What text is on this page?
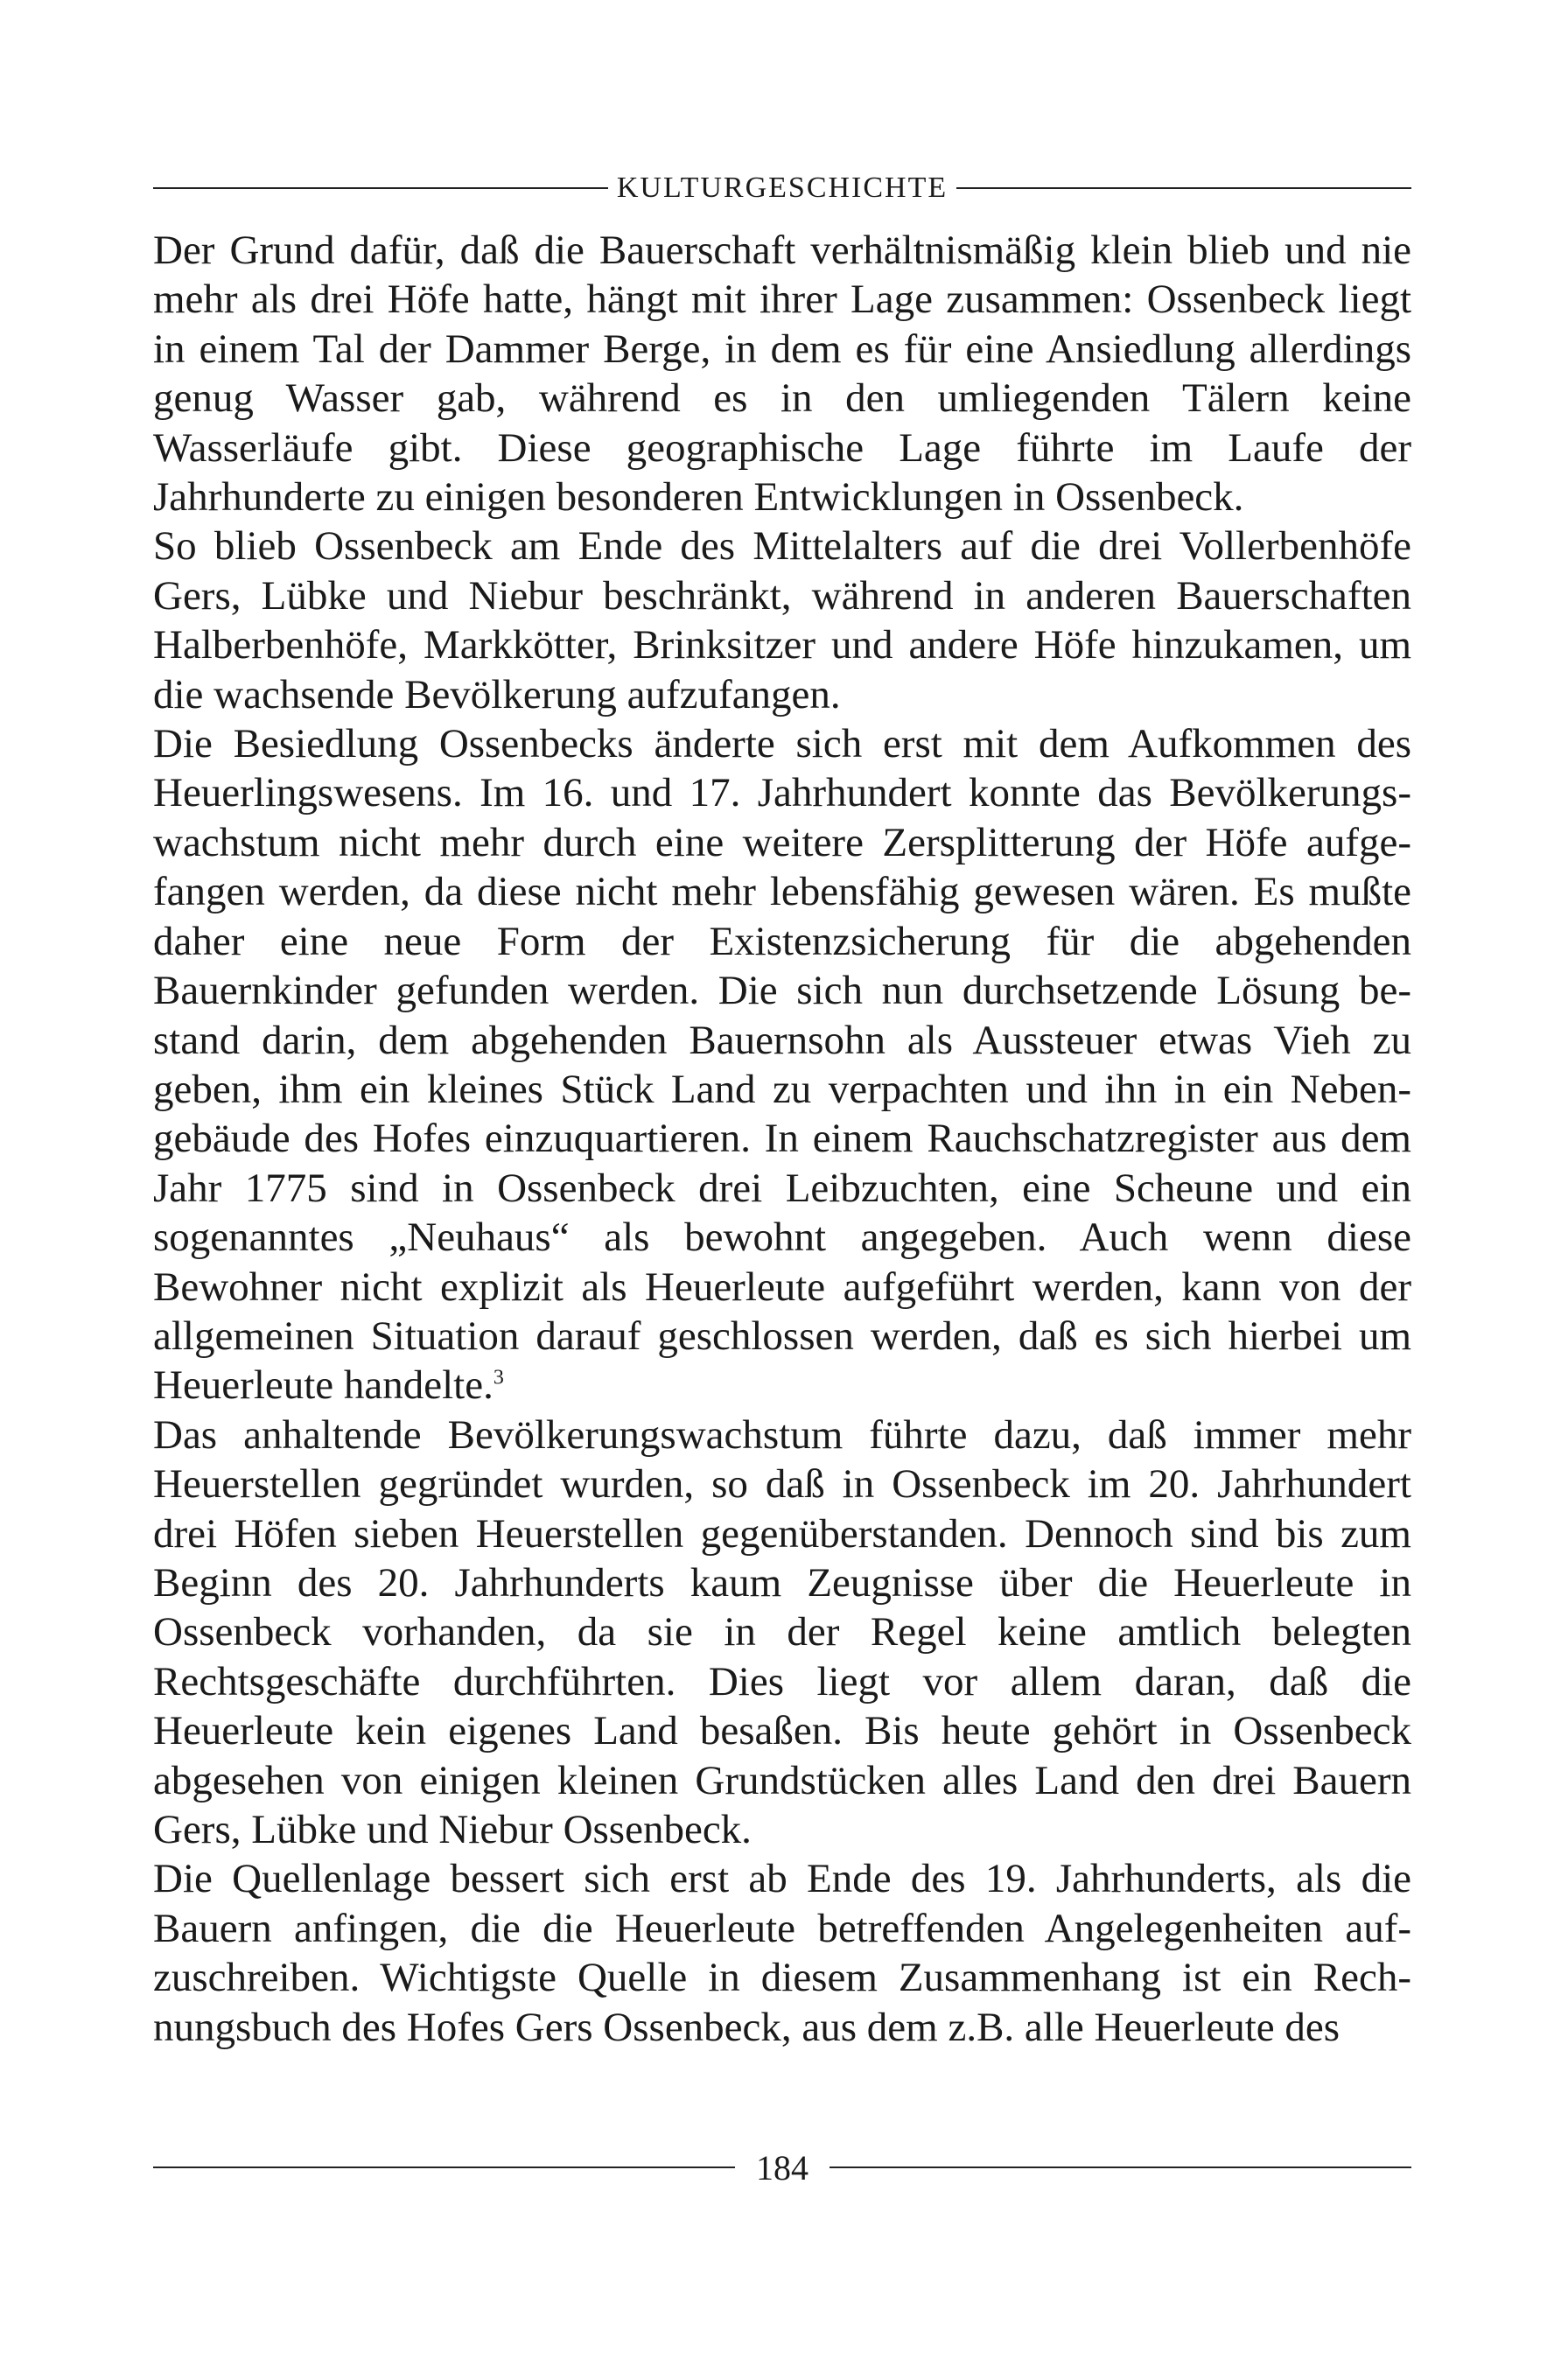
KULTURGESCHICHTE

Der Grund dafür, daß die Bauerschaft verhältnismäßig klein blieb und nie mehr als drei Höfe hatte, hängt mit ihrer Lage zusammen: Ossenbeck liegt in einem Tal der Dammer Berge, in dem es für eine Ansiedlung allerdings genug Wasser gab, während es in den umliegenden Tälern keine Wasserläufe gibt. Diese geographische Lage führte im Laufe der Jahrhunderte zu einigen besonderen Entwicklungen in Ossenbeck.

So blieb Ossenbeck am Ende des Mittelalters auf die drei Vollerbenhöfe Gers, Lübke und Niebur beschränkt, während in anderen Bauerschaften Halberbenhöfe, Markkötter, Brinksitzer und andere Höfe hinzukamen, um die wachsende Bevölkerung aufzufangen.

Die Besiedlung Ossenbecks änderte sich erst mit dem Aufkommen des Heuerlingswesens. Im 16. und 17. Jahrhundert konnte das Bevölkerungswachstum nicht mehr durch eine weitere Zersplitterung der Höfe aufgefangen werden, da diese nicht mehr lebensfähig gewesen wären. Es mußte daher eine neue Form der Existenzsicherung für die abgehenden Bauernkinder gefunden werden. Die sich nun durchsetzende Lösung bestand darin, dem abgehenden Bauernsohn als Aussteuer etwas Vieh zu geben, ihm ein kleines Stück Land zu verpachten und ihn in ein Nebengebäude des Hofes einzuquartieren. In einem Rauchschatzregister aus dem Jahr 1775 sind in Ossenbeck drei Leibzuchten, eine Scheune und ein sogenanntes „Neuhaus“ als bewohnt angegeben. Auch wenn diese Bewohner nicht explizit als Heuerleute aufgeführt werden, kann von der allgemeinen Situation darauf geschlossen werden, daß es sich hierbei um Heuerleute handelte.$^3$

Das anhaltende Bevölkerungswachstum führte dazu, daß immer mehr Heuerstellen gegründet wurden, so daß in Ossenbeck im 20. Jahrhundert drei Höfen sieben Heuerstellen gegenüberstanden. Dennoch sind bis zum Beginn des 20. Jahrhunderts kaum Zeugnisse über die Heuerleute in Ossenbeck vorhanden, da sie in der Regel keine amtlich belegten Rechtsgeschäfte durchführten. Dies liegt vor allem daran, daß die Heuerleute kein eigenes Land besaßen. Bis heute gehört in Ossenbeck abgesehen von einigen kleinen Grundstücken alles Land den drei Bauern Gers, Lübke und Niebur Ossenbeck.

Die Quellenlage bessert sich erst ab Ende des 19. Jahrhunderts, als die Bauern anfingen, die die Heuerleute betreffenden Angelegenheiten aufzuschreiben. Wichtigste Quelle in diesem Zusammenhang ist ein Rechnungsbuch des Hofes Gers Ossenbeck, aus dem z.B. alle Heuerleute des

184
